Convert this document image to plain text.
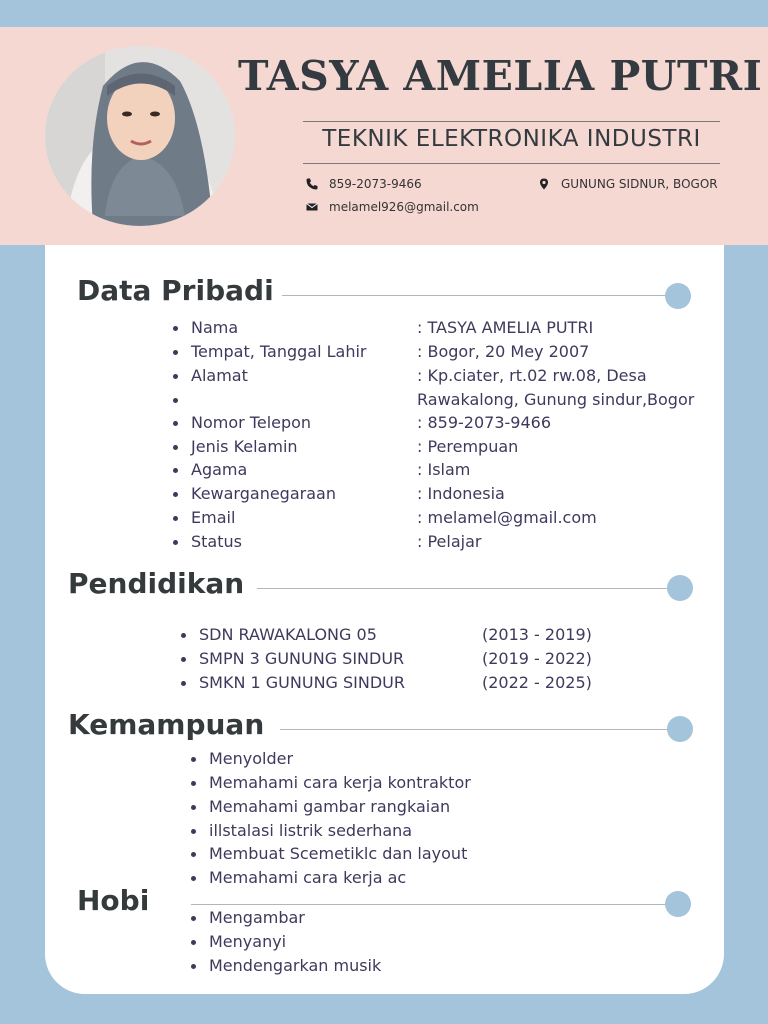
TASYA AMELIA PUTRI
TEKNIK ELEKTRONIKA INDUSTRI
859-2073-9466
melamel926@gmail.com
GUNUNG SIDNUR, BOGOR
Data Pribadi
Nama	: TASYA AMELIA PUTRI
Tempat, Tanggal Lahir	: Bogor, 20 Mey 2007
Alamat	: Kp.ciater, rt.02 rw.08, Desa
Rawakalong, Gunung sindur,Bogor
Nomor Telepon	: 859-2073-9466
Jenis Kelamin	: Perempuan
Agama	: Islam
Kewarganegaraan	: Indonesia
Email	: melamel@gmail.com
Status	: Pelajar
Pendidikan
SDN RAWAKALONG 05	(2013 - 2019)
SMPN 3 GUNUNG SINDUR	(2019 - 2022)
SMKN 1 GUNUNG SINDUR	(2022 - 2025)
Kemampuan
Menyolder
Memahami cara kerja kontraktor
Memahami gambar rangkaian
illstalasi listrik sederhana
Membuat Scemetiklc dan layout
Memahami cara kerja ac
Hobi
Mengambar
Menyanyi
Mendengarkan musik
